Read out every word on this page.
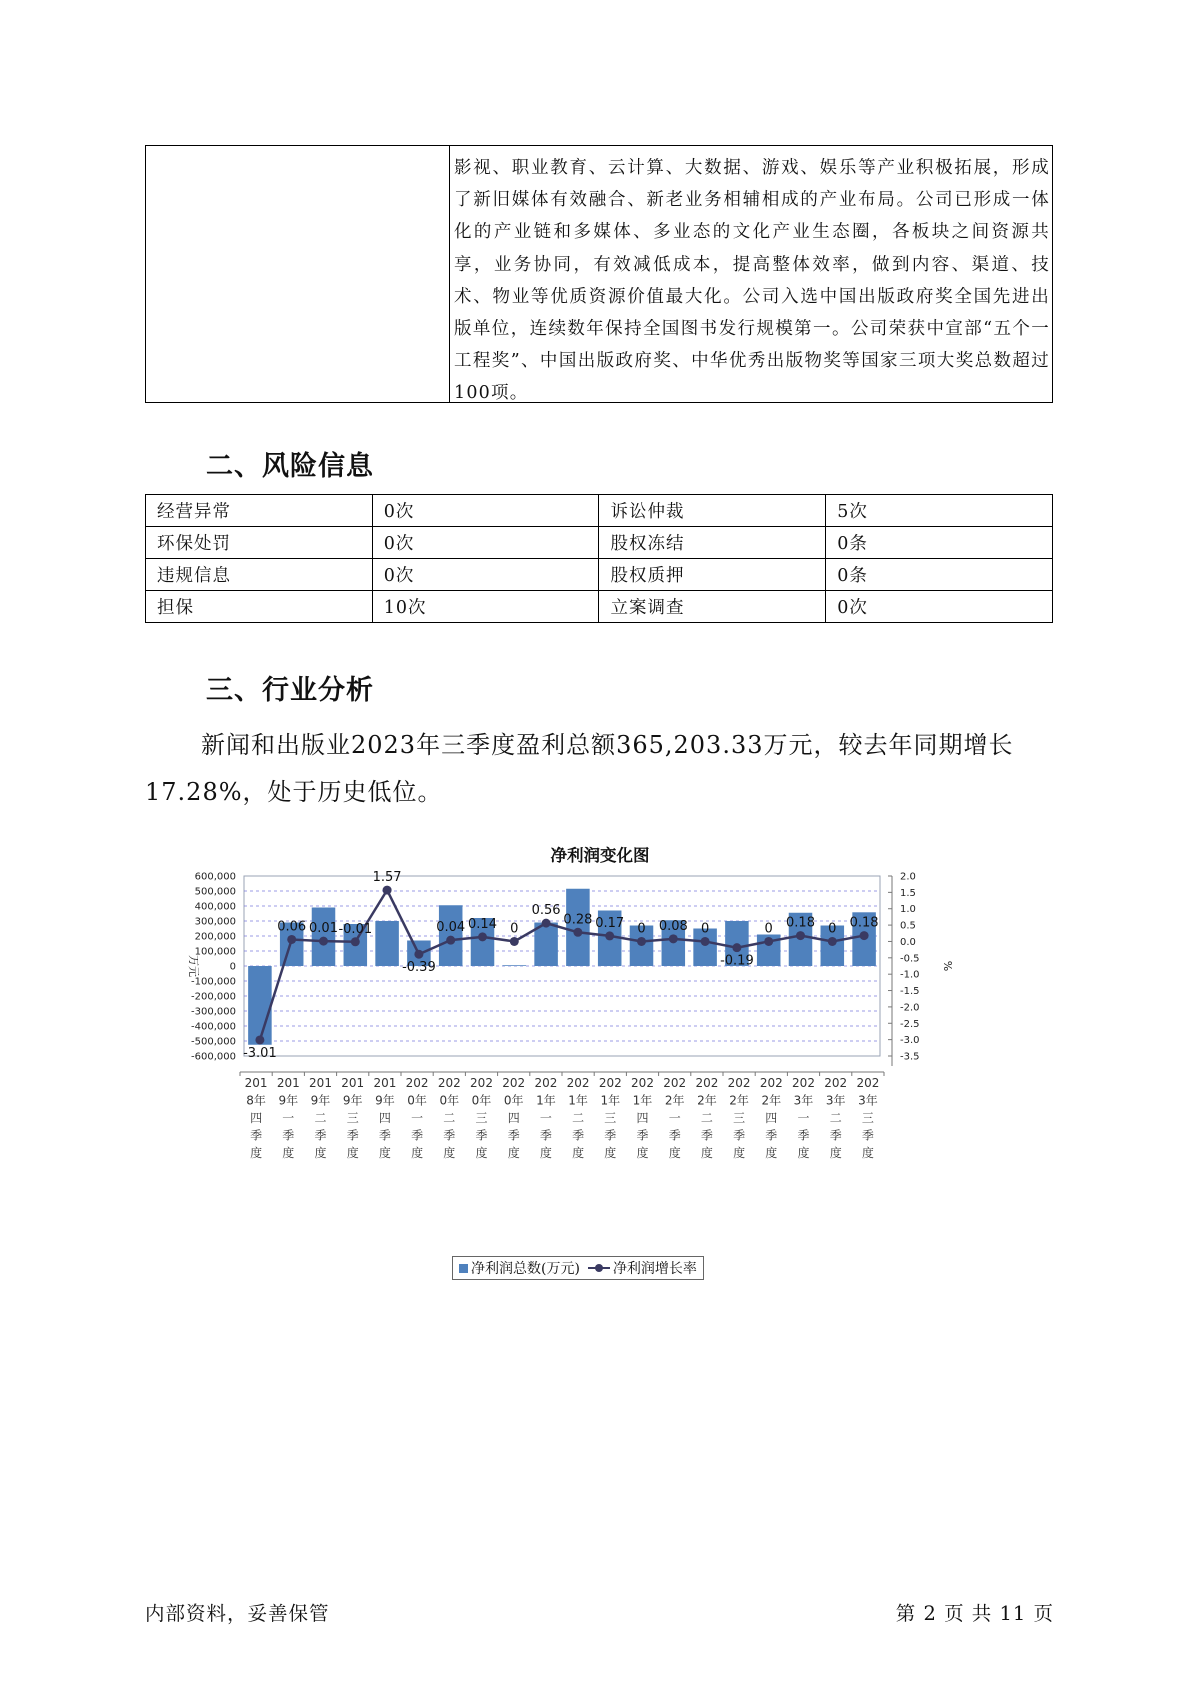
影视、职业教育、云计算、大数据、游戏、娱乐等产业积极拓展，形成了新旧媒体有效融合、新老业务相辅相成的产业布局。公司已形成一体化的产业链和多媒体、多业态的文化产业生态圈，各板块之间资源共享，业务协同，有效减低成本，提高整体效率，做到内容、渠道、技术、物业等优质资源价值最大化。公司入选中国出版政府奖全国先进出版单位，连续数年保持全国图书发行规模第一。公司荣获中宣部“五个一工程奖”、中国出版政府奖、中华优秀出版物奖等国家三项大奖总数超过100项。
二、风险信息
经营异常	0次	诉讼仲裁	5次
环保处罚	0次	股权冻结	0条
违规信息	0次	股权质押	0条
担保	10次	立案调查	0次
三、行业分析
新闻和出版业2023年三季度盈利总额365,203.33万元，较去年同期增长17.28%，处于历史低位。
净利润变化图
600,000
500,000
400,000
300,000
200,000
100,000
0
-100,000
-200,000
-300,000
-400,000
-500,000
-600,000
万元
2.0
1.5
1.0
0.5
0.0
-0.5
-1.0
-1.5
-2.0
-2.5
-3.0
-3.5
%
-3.01
0.06 0.01 -0.01
1.57
-0.39
0.04 0.14 0
0.56
0.28 0.17 0 0.08 0
-0.19
0 0.18 0 0.18
201
8年
四
季
度
201
9年
一
季
度
201
9年
二
季
度
201
9年
三
季
度
201
9年
四
季
度
202
0年
一
季
度
202
0年
二
季
度
202
0年
三
季
度
202
0年
四
季
度
202
1年
一
季
度
202
1年
二
季
度
202
1年
三
季
度
202
1年
四
季
度
202
2年
一
季
度
202
2年
二
季
度
202
2年
三
季
度
202
2年
四
季
度
202
3年
一
季
度
202
3年
二
季
度
202
3年
三
季
度
净利润总数(万元) 净利润增长率
内部资料，妥善保管	第 2 页 共 11 页
